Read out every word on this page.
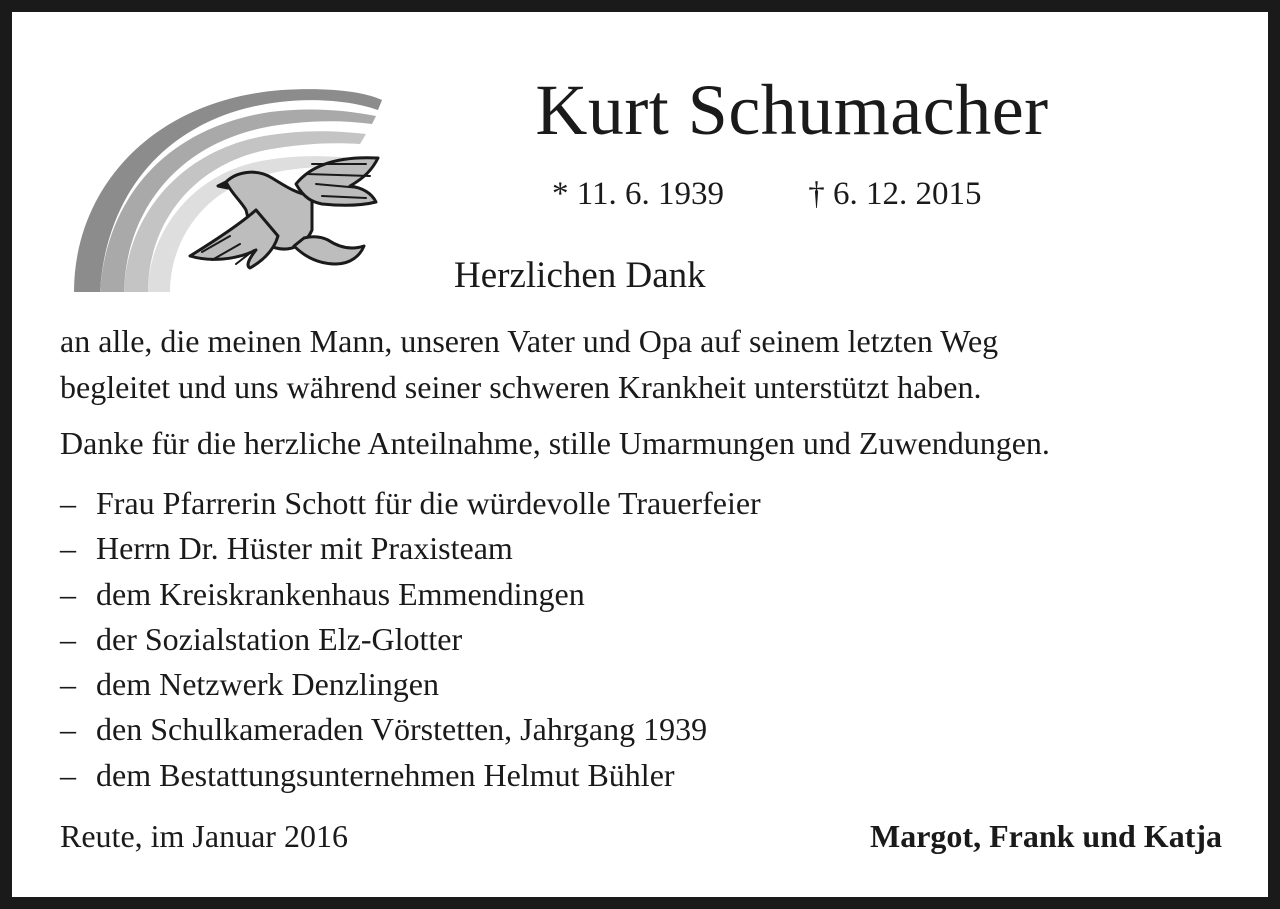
Kurt Schumacher
* 11. 6. 1939	† 6. 12. 2015
Herzlichen Dank
an alle, die meinen Mann, unseren Vater und Opa auf seinem letzten Weg
begleitet und uns während seiner schweren Krankheit unterstützt haben.
Danke für die herzliche Anteilnahme, stille Umarmungen und Zuwendungen.
– Frau Pfarrerin Schott für die würdevolle Trauerfeier
– Herrn Dr. Hüster mit Praxisteam
– dem Kreiskrankenhaus Emmendingen
– der Sozialstation Elz-Glotter
– dem Netzwerk Denzlingen
– den Schulkameraden Vörstetten, Jahrgang 1939
– dem Bestattungsunternehmen Helmut Bühler
Reute, im Januar 2016	Margot, Frank und Katja
